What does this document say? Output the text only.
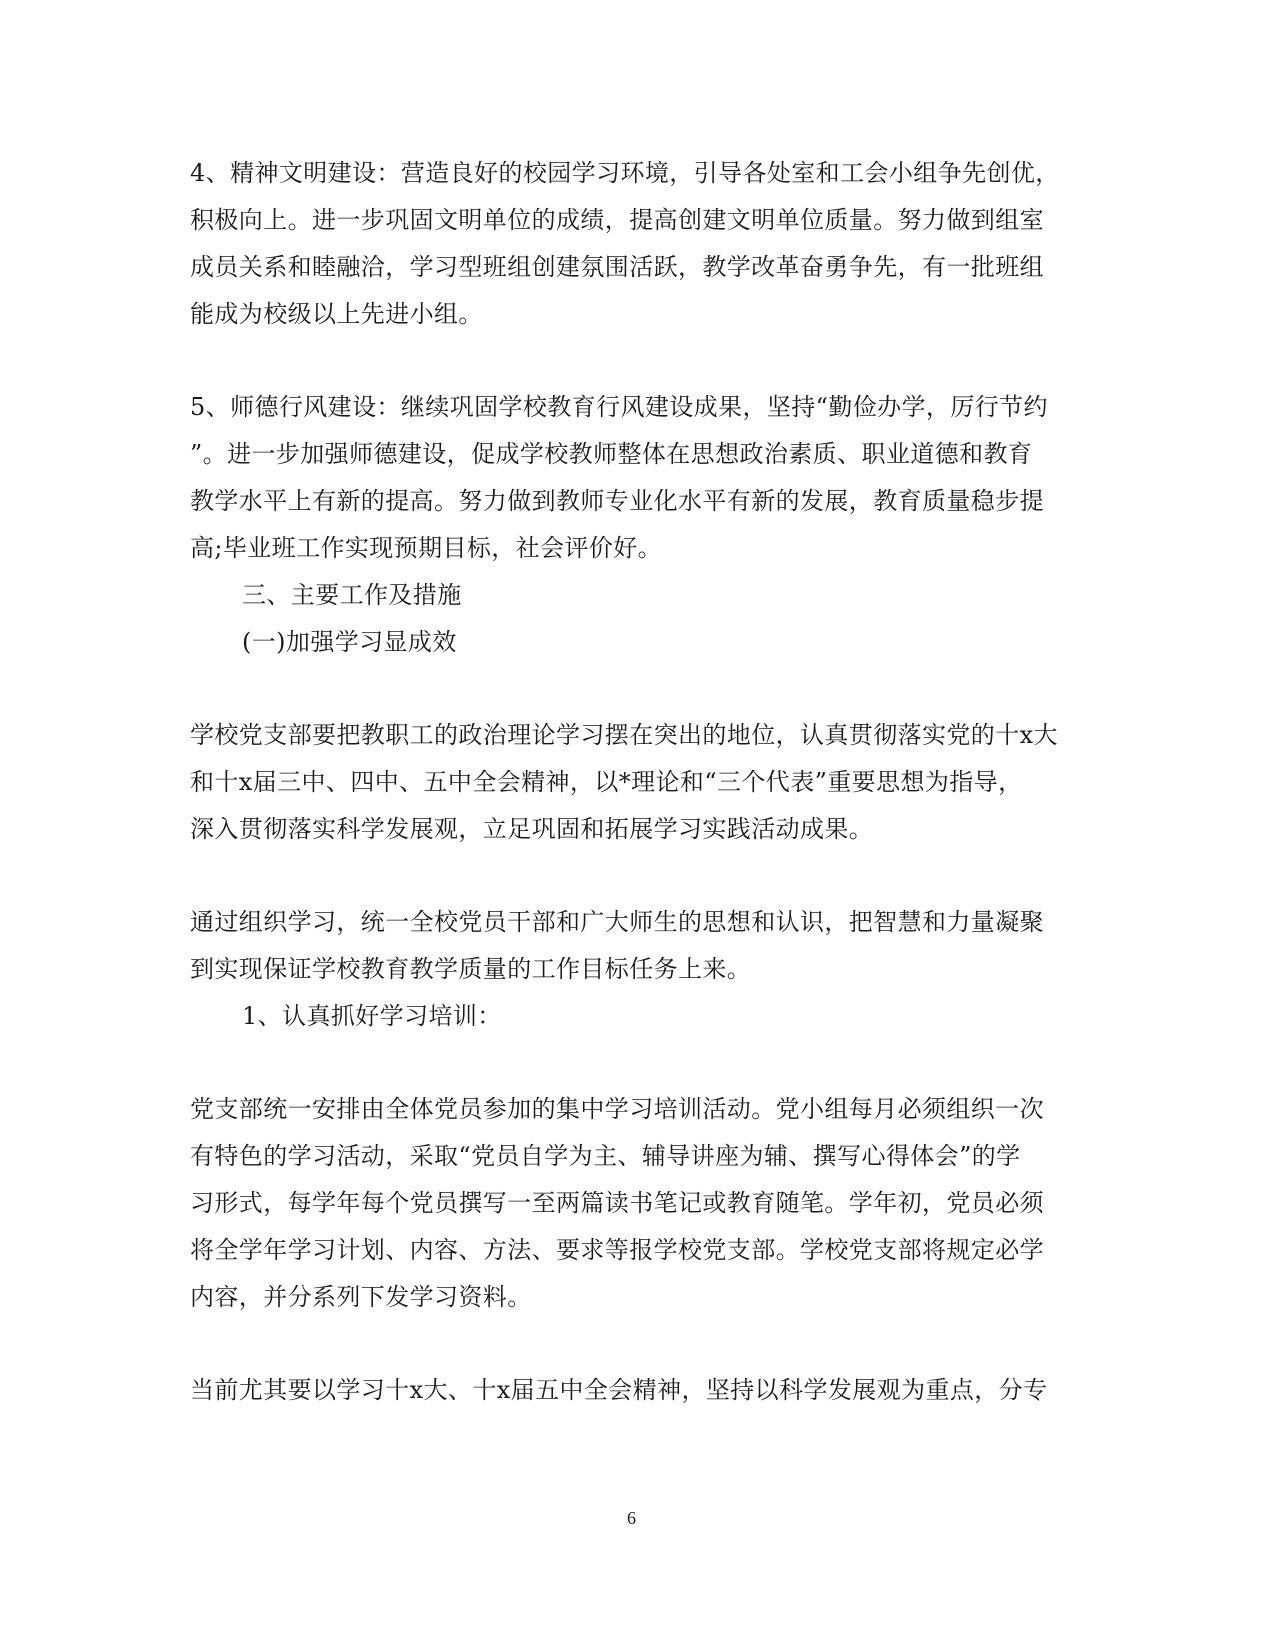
4、精神文明建设：营造良好的校园学习环境，引导各处室和工会小组争先创优，
积极向上。进一步巩固文明单位的成绩，提高创建文明单位质量。努力做到组室
成员关系和睦融洽，学习型班组创建氛围活跃，教学改革奋勇争先，有一批班组
能成为校级以上先进小组。
5、师德行风建设：继续巩固学校教育行风建设成果，坚持“勤俭办学，厉行节约
”。进一步加强师德建设，促成学校教师整体在思想政治素质、职业道德和教育
教学水平上有新的提高。努力做到教师专业化水平有新的发展，教育质量稳步提
高;毕业班工作实现预期目标，社会评价好。
三、主要工作及措施
(一)加强学习显成效
学校党支部要把教职工的政治理论学习摆在突出的地位，认真贯彻落实党的十x大
和十x届三中、四中、五中全会精神，以*理论和“三个代表”重要思想为指导，
深入贯彻落实科学发展观，立足巩固和拓展学习实践活动成果。
通过组织学习，统一全校党员干部和广大师生的思想和认识，把智慧和力量凝聚
到实现保证学校教育教学质量的工作目标任务上来。
1、认真抓好学习培训：
党支部统一安排由全体党员参加的集中学习培训活动。党小组每月必须组织一次
有特色的学习活动，采取“党员自学为主、辅导讲座为辅、撰写心得体会”的学
习形式，每学年每个党员撰写一至两篇读书笔记或教育随笔。学年初，党员必须
将全学年学习计划、内容、方法、要求等报学校党支部。学校党支部将规定必学
内容，并分系列下发学习资料。
当前尤其要以学习十x大、十x届五中全会精神，坚持以科学发展观为重点，分专
6
